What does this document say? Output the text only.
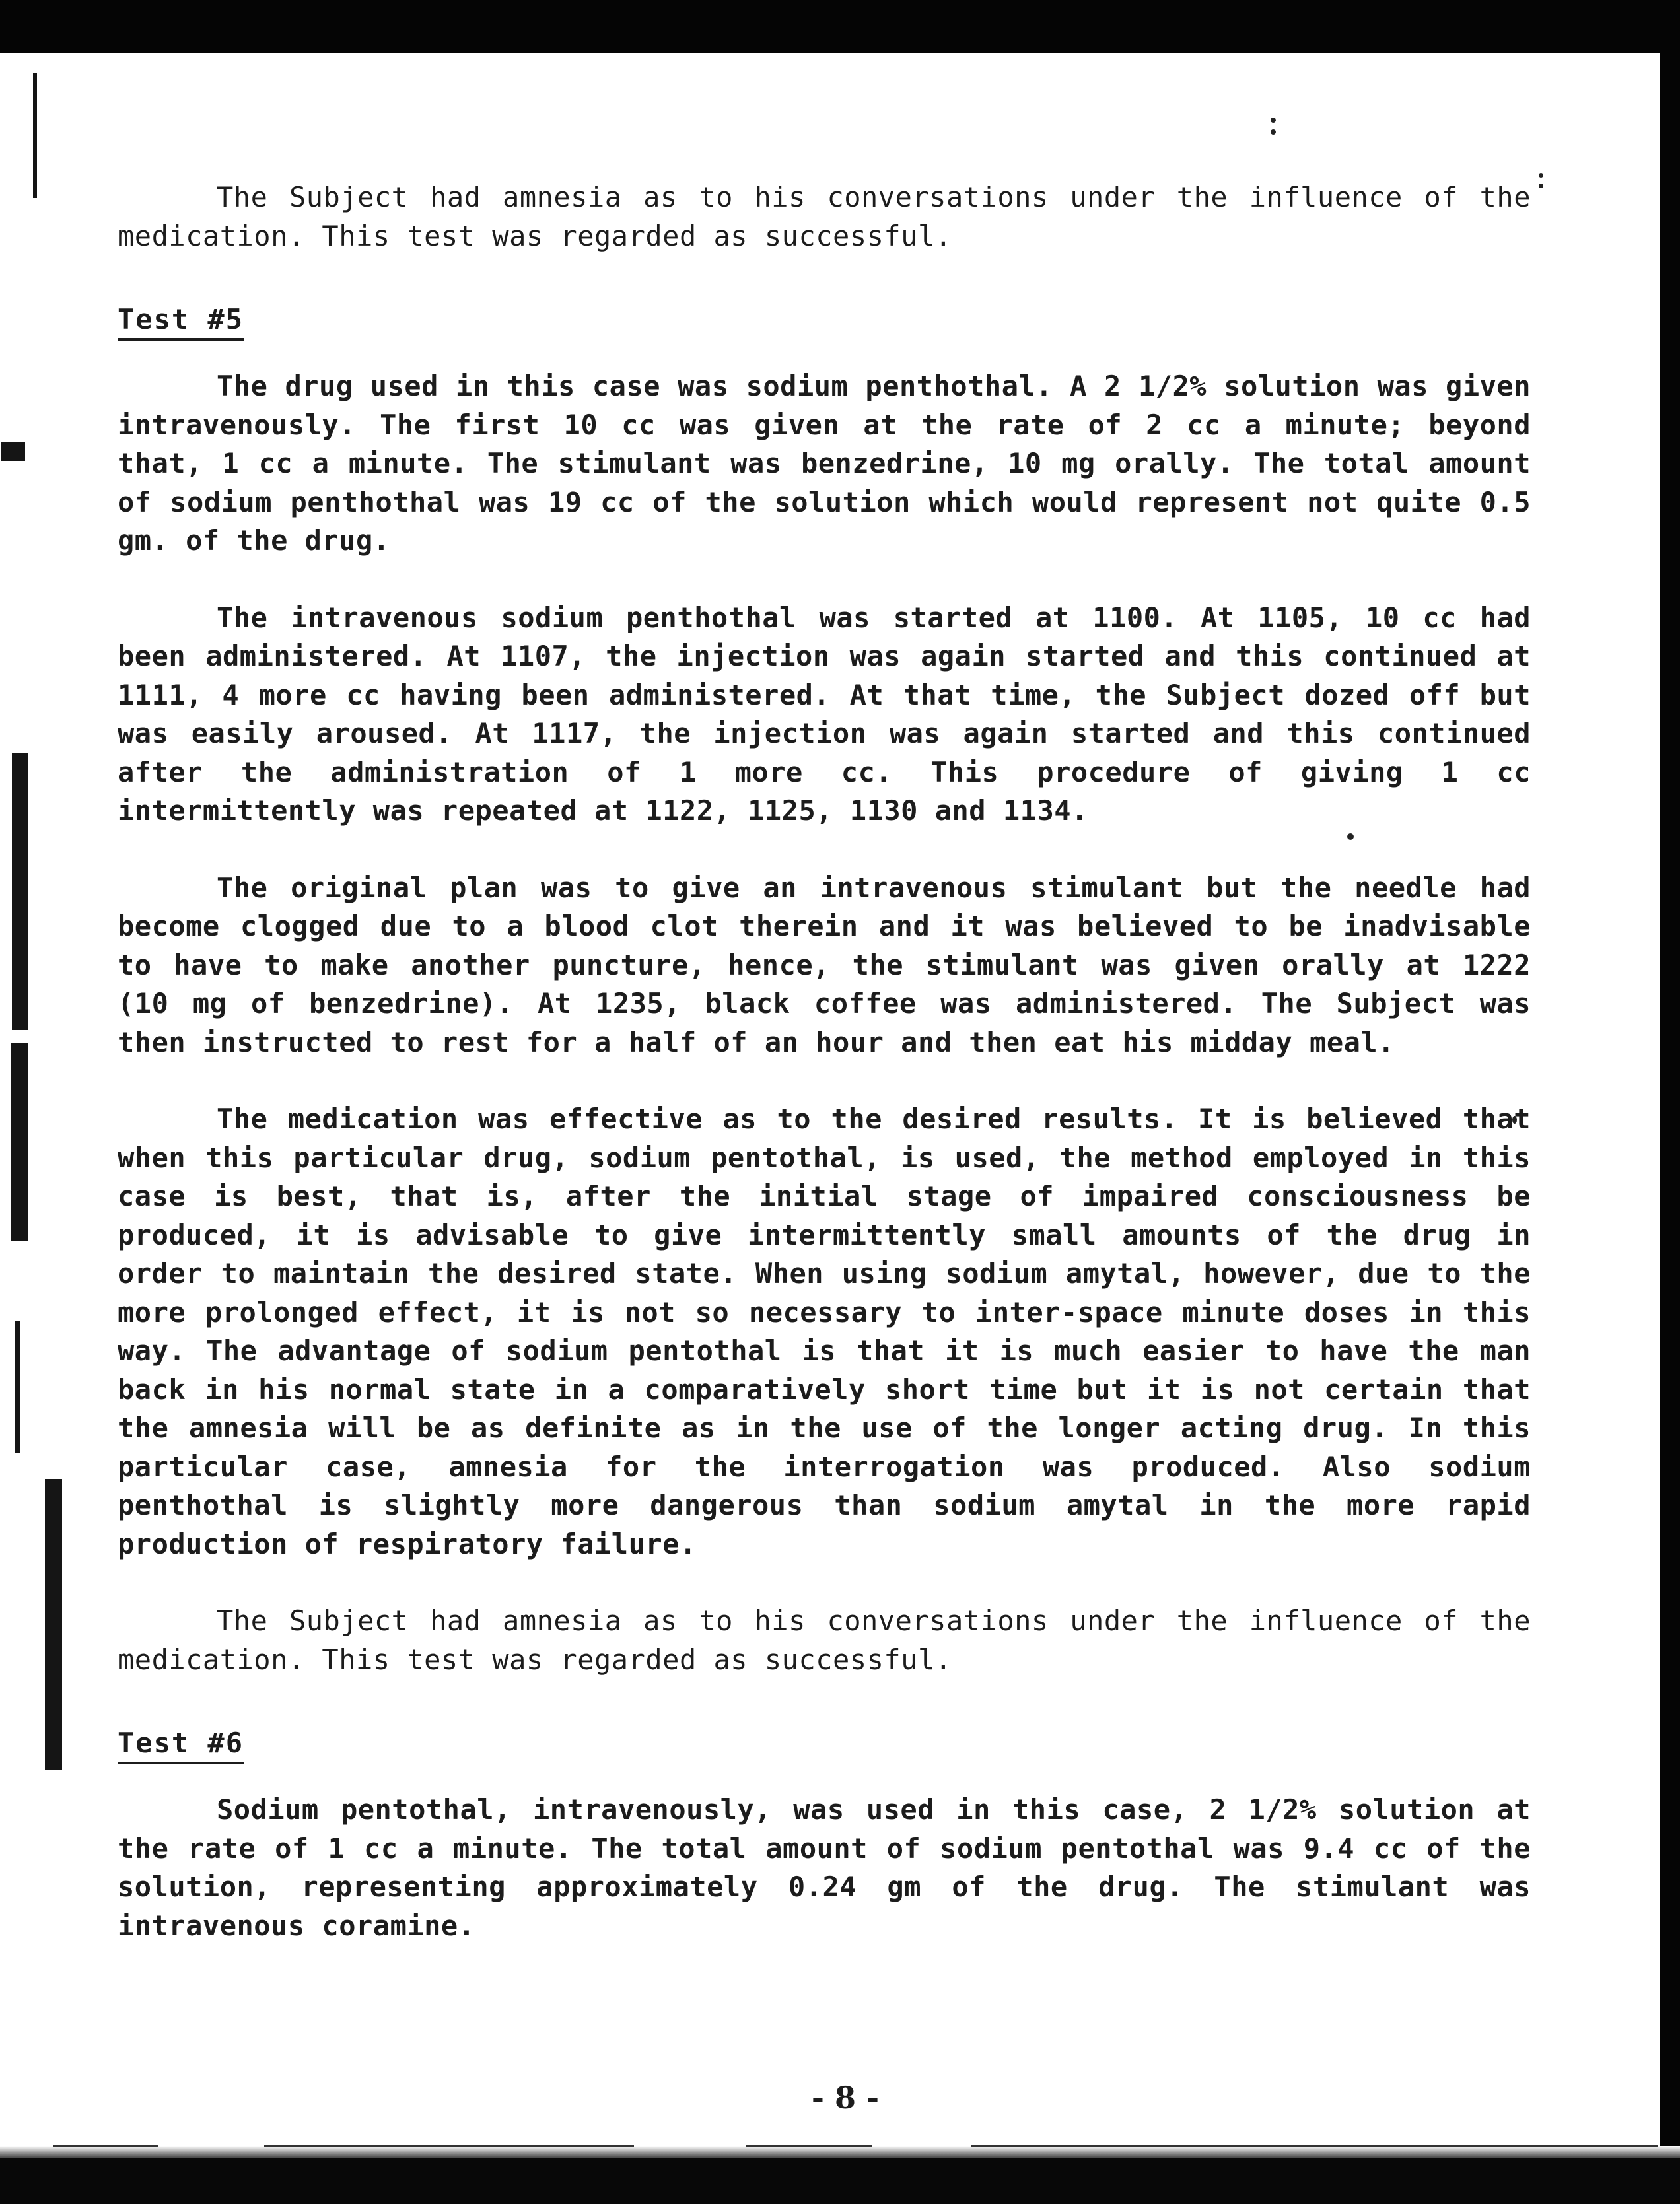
The Subject had amnesia as to his conversations under the influence of the medication. This test was regarded as successful.

Test #5

The drug used in this case was sodium penthothal. A 2 1/2% solution was given intravenously. The first 10 cc was given at the rate of 2 cc a minute; beyond that, 1 cc a minute. The stimulant was benzedrine, 10 mg orally. The total amount of sodium penthothal was 19 cc of the solution which would represent not quite 0.5 gm. of the drug.

The intravenous sodium penthothal was started at 1100. At 1105, 10 cc had been administered. At 1107, the injection was again started and this continued at 1111, 4 more cc having been administered. At that time, the Subject dozed off but was easily aroused. At 1117, the injection was again started and this continued after the administration of 1 more cc. This procedure of giving 1 cc intermittently was repeated at 1122, 1125, 1130 and 1134.

The original plan was to give an intravenous stimulant but the needle had become clogged due to a blood clot therein and it was believed to be inadvisable to have to make another puncture, hence, the stimulant was given orally at 1222 (10 mg of benzedrine). At 1235, black coffee was administered. The Subject was then instructed to rest for a half of an hour and then eat his midday meal.

The medication was effective as to the desired results. It is believed that when this particular drug, sodium pentothal, is used, the method employed in this case is best, that is, after the initial stage of impaired consciousness be produced, it is advisable to give intermittently small amounts of the drug in order to maintain the desired state. When using sodium amytal, however, due to the more prolonged effect, it is not so necessary to inter-space minute doses in this way. The advantage of sodium pentothal is that it is much easier to have the man back in his normal state in a comparatively short time but it is not certain that the amnesia will be as definite as in the use of the longer acting drug. In this particular case, amnesia for the interrogation was produced. Also sodium penthothal is slightly more dangerous than sodium amytal in the more rapid production of respiratory failure.

The Subject had amnesia as to his conversations under the influence of the medication. This test was regarded as successful.

Test #6

Sodium pentothal, intravenously, was used in this case, 2 1/2% solution at the rate of 1 cc a minute. The total amount of sodium pentothal was 9.4 cc of the solution, representing approximately 0.24 gm of the drug. The stimulant was intravenous coramine.

- 8 -
